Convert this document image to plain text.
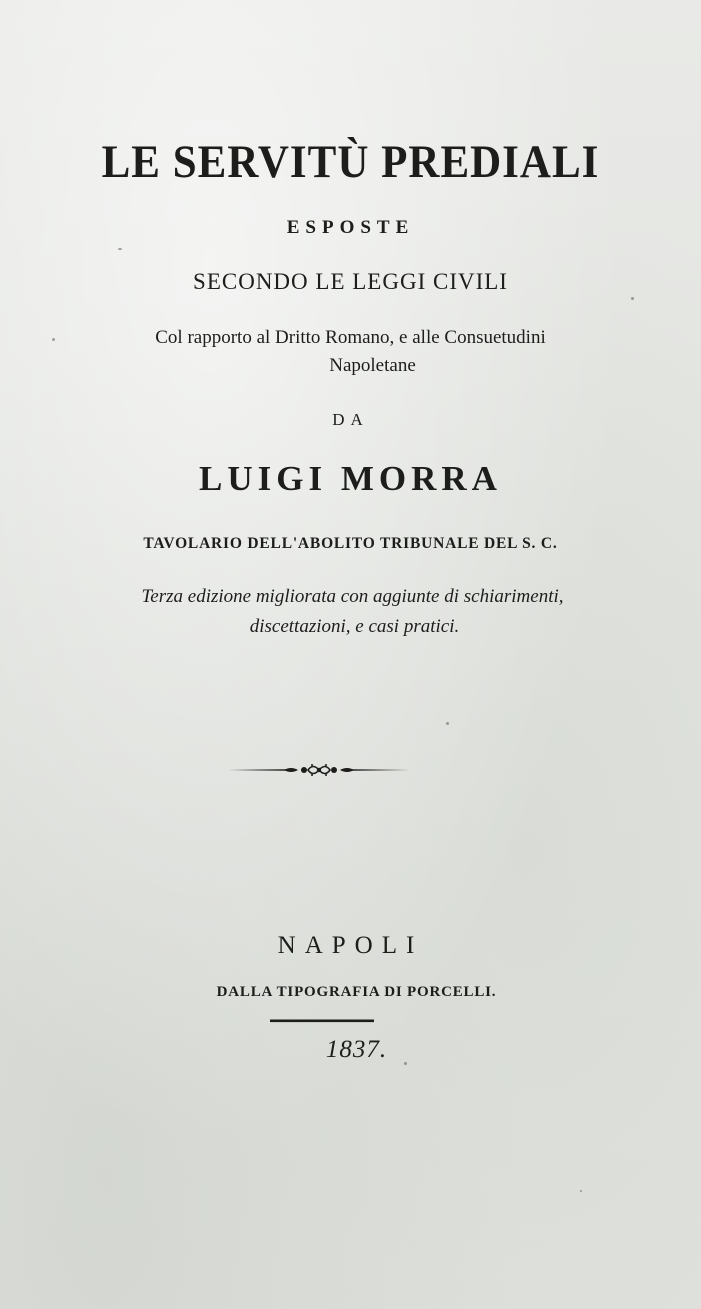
LE SERVITÙ PREDIALI
ESPOSTE
SECONDO LE LEGGI CIVILI
Col rapporto al Dritto Romano, e alle Consuetudini
Napoletane
DA
LUIGI MORRA
TAVOLARIO DELL'ABOLITO TRIBUNALE DEL S. C.
Terza edizione migliorata con aggiunte di schiarimenti,
discettazioni, e casi pratici.
NAPOLI
DALLA TIPOGRAFIA DI PORCELLI.
1837.
